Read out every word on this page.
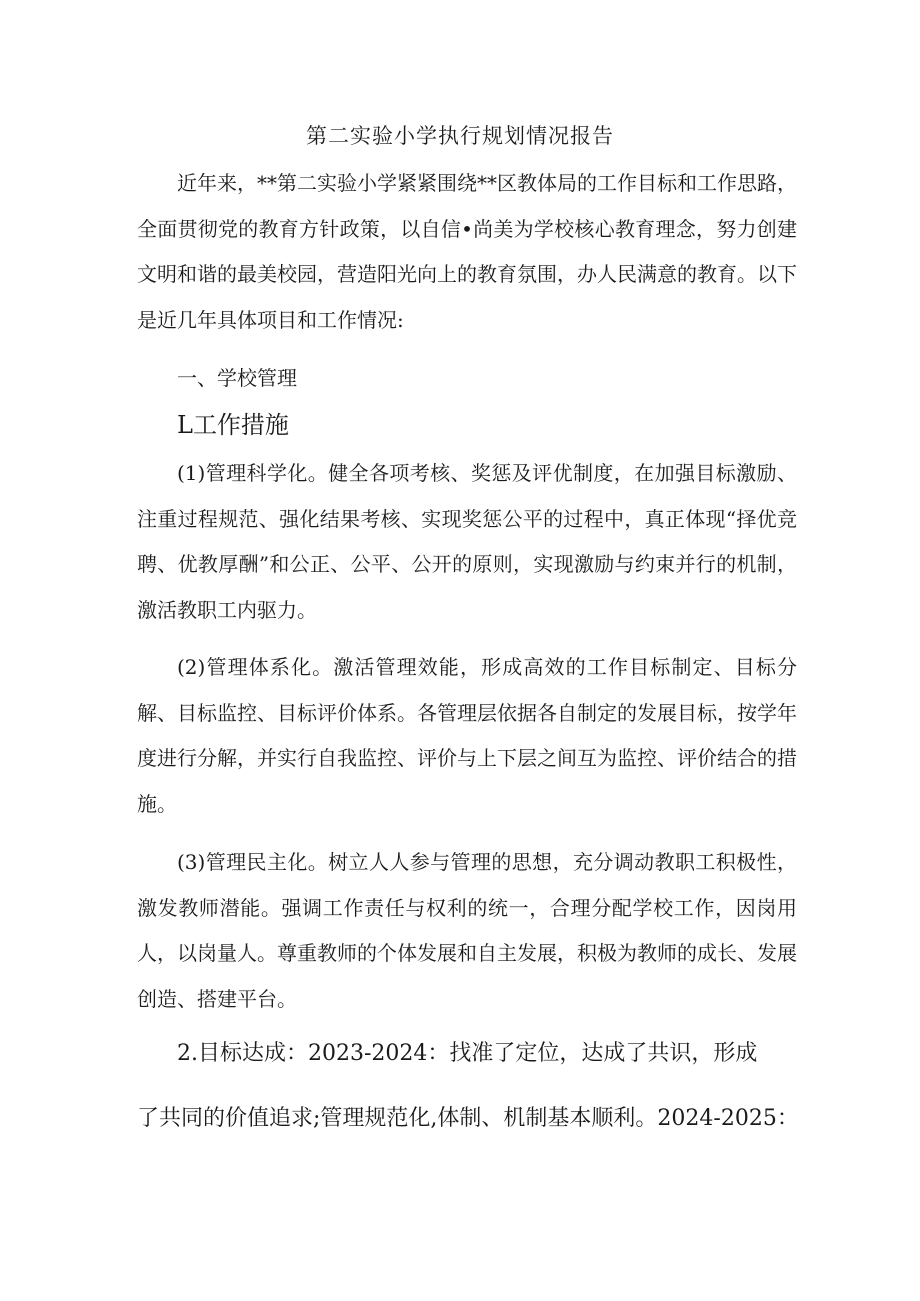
第二实验小学执行规划情况报告

近年来，**第二实验小学紧紧围绕**区教体局的工作目标和工作思路，全面贯彻党的教育方针政策，以自信•尚美为学校核心教育理念，努力创建文明和谐的最美校园，营造阳光向上的教育氛围，办人民满意的教育。以下是近几年具体项目和工作情况:

一、学校管理
L工作措施

(1)管理科学化。健全各项考核、奖惩及评优制度，在加强目标激励、注重过程规范、强化结果考核、实现奖惩公平的过程中，真正体现“择优竞聘、优教厚酬”和公正、公平、公开的原则，实现激励与约束并行的机制，激活教职工内驱力。

(2)管理体系化。激活管理效能，形成高效的工作目标制定、目标分解、目标监控、目标评价体系。各管理层依据各自制定的发展目标，按学年度进行分解，并实行自我监控、评价与上下层之间互为监控、评价结合的措施。

(3)管理民主化。树立人人参与管理的思想，充分调动教职工积极性，激发教师潜能。强调工作责任与权利的统一，合理分配学校工作，因岗用人，以岗量人。尊重教师的个体发展和自主发展，积极为教师的成长、发展创造、搭建平台。

2.目标达成：2023-2024：找准了定位，达成了共识，形成

了共同的价值追求;管理规范化,体制、机制基本顺利。2024-2025：
